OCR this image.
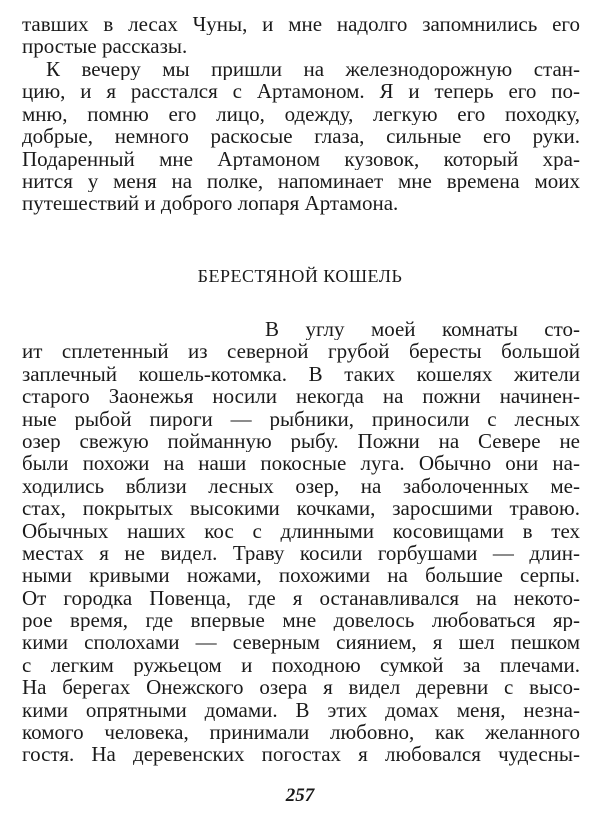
тавших в лесах Чуны, и мне надолго запомнились его
простые рассказы.
К вечеру мы пришли на железнодорожную стан-
цию, и я расстался с Артамоном. Я и теперь его по-
мню, помню его лицо, одежду, легкую его походку,
добрые, немного раскосые глаза, сильные его руки.
Подаренный мне Артамоном кузовок, который хра-
нится у меня на полке, напоминает мне времена моих
путешествий и доброго лопаря Артамона.
БЕРЕСТЯНОЙ КОШЕЛЬ
В углу моей комнаты сто-
ит сплетенный из северной грубой бересты большой
заплечный кошель-котомка. В таких кошелях жители
старого Заонежья носили некогда на пожни начинен-
ные рыбой пироги — рыбники, приносили с лесных
озер свежую пойманную рыбу. Пожни на Севере не
были похожи на наши покосные луга. Обычно они на-
ходились вблизи лесных озер, на заболоченных ме-
стах, покрытых высокими кочками, заросшими травою.
Обычных наших кос с длинными косовищами в тех
местах я не видел. Траву косили горбушами — длин-
ными кривыми ножами, похожими на большие серпы.
От городка Повенца, где я останавливался на некото-
рое время, где впервые мне довелось любоваться яр-
кими сполохами — северным сиянием, я шел пешком
с легким ружьецом и походною сумкой за плечами.
На берегах Онежского озера я видел деревни с высо-
кими опрятными домами. В этих домах меня, незна-
комого человека, принимали любовно, как желанного
гостя. На деревенских погостах я любовался чудесны-
257
